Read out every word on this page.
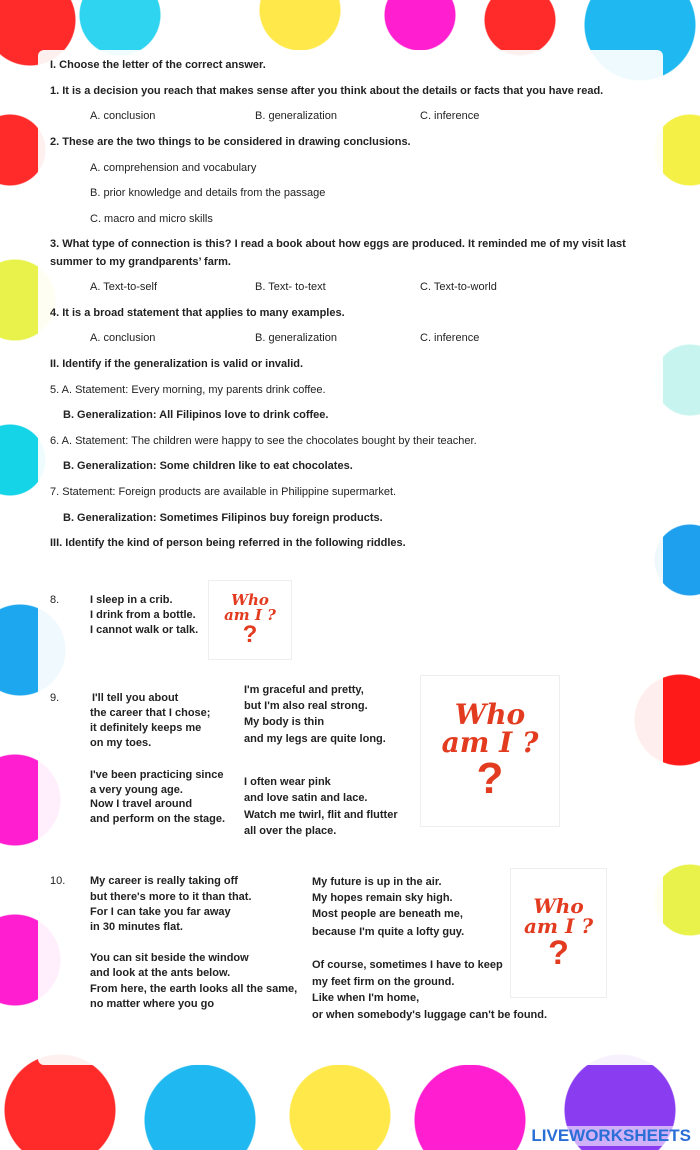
I. Choose the letter of the correct answer.
1. It is a decision you reach that makes sense after you think about the details or facts that you have read.
A. conclusion	B. generalization	C. inference
2. These are the two things to be considered in drawing conclusions.
A. comprehension and vocabulary
B. prior knowledge and details from the passage
C. macro and micro skills
3. What type of connection is this? I read a book about how eggs are produced. It reminded me of my visit last
summer to my grandparents’ farm.
A. Text-to-self	B. Text- to-text	C. Text-to-world
4. It is a broad statement that applies to many examples.
A. conclusion	B. generalization	C. inference
II. Identify if the generalization is valid or invalid.
5. A. Statement: Every morning, my parents drink coffee.
B. Generalization: All Filipinos love to drink coffee.
6. A. Statement: The children were happy to see the chocolates bought by their teacher.
B. Generalization: Some children like to eat chocolates.
7. Statement: Foreign products are available in Philippine supermarket.
B. Generalization: Sometimes Filipinos buy foreign products.
III. Identify the kind of person being referred in the following riddles.
8.	I sleep in a crib.
I drink from a bottle.
I cannot walk or talk.
Who
am I ?
?
9.	I'll tell you about
the career that I chose;
it definitely keeps me
on my toes.
I've been practicing since
a very young age.
Now I travel around
and perform on the stage.
I'm graceful and pretty,
but I'm also real strong.
My body is thin
and my legs are quite long.
I often wear pink
and love satin and lace.
Watch me twirl, flit and flutter
all over the place.
Who
am I ?
?
10. My career is really taking off
but there's more to it than that.
For I can take you far away
in 30 minutes flat.
You can sit beside the window
and look at the ants below.
From here, the earth looks all the same,
no matter where you go
My future is up in the air.
My hopes remain sky high.
Most people are beneath me,
because I'm quite a lofty guy.
Of course, sometimes I have to keep
my feet firm on the ground.
Like when I'm home,
or when somebody's luggage can't be found.
Who
am I ?
?
LIVEWORKSHEETS
